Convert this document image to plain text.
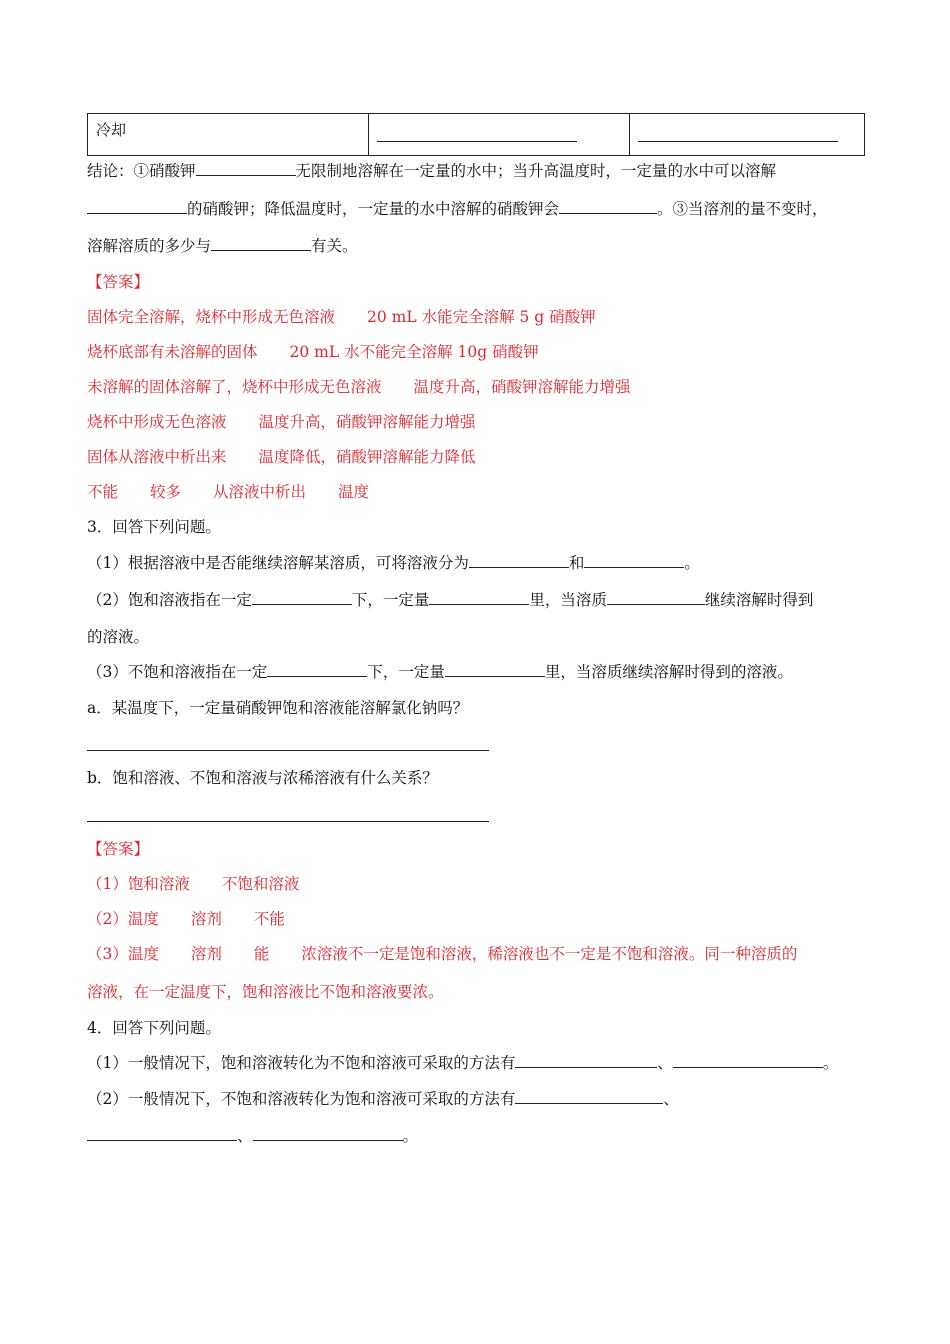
冷却		
结论：①硝酸钾	无限制地溶解在一定量的水中；当升高温度时，一定量的水中可以溶解
的硝酸钾；降低温度时，一定量的水中溶解的硝酸钾会	。③当溶剂的量不变时，
溶解溶质的多少与	有关。
【答案】
固体完全溶解，烧杯中形成无色溶液 20 mL 水能完全溶解 5 g 硝酸钾
烧杯底部有未溶解的固体 20 mL 水不能完全溶解 10g 硝酸钾
未溶解的固体溶解了，烧杯中形成无色溶液 温度升高，硝酸钾溶解能力增强
烧杯中形成无色溶液 温度升高，硝酸钾溶解能力增强
固体从溶液中析出来 温度降低，硝酸钾溶解能力降低
不能 较多 从溶液中析出 温度
3．回答下列问题。
（1）根据溶液中是否能继续溶解某溶质，可将溶液分为	和	。
（2）饱和溶液指在一定	下，一定量	里，当溶质	继续溶解时得到
的溶液。
（3）不饱和溶液指在一定	下，一定量	里，当溶质继续溶解时得到的溶液。
a．某温度下，一定量硝酸钾饱和溶液能溶解氯化钠吗？
b．饱和溶液、不饱和溶液与浓稀溶液有什么关系？
【答案】
（1）饱和溶液 不饱和溶液
（2）温度 溶剂 不能
（3）温度 溶剂 能 浓溶液不一定是饱和溶液，稀溶液也不一定是不饱和溶液。同一种溶质的
溶液，在一定温度下，饱和溶液比不饱和溶液要浓。
4．回答下列问题。
（1）一般情况下，饱和溶液转化为不饱和溶液可采取的方法有	、	。
（2）一般情况下，不饱和溶液转化为饱和溶液可采取的方法有	、
、	。
